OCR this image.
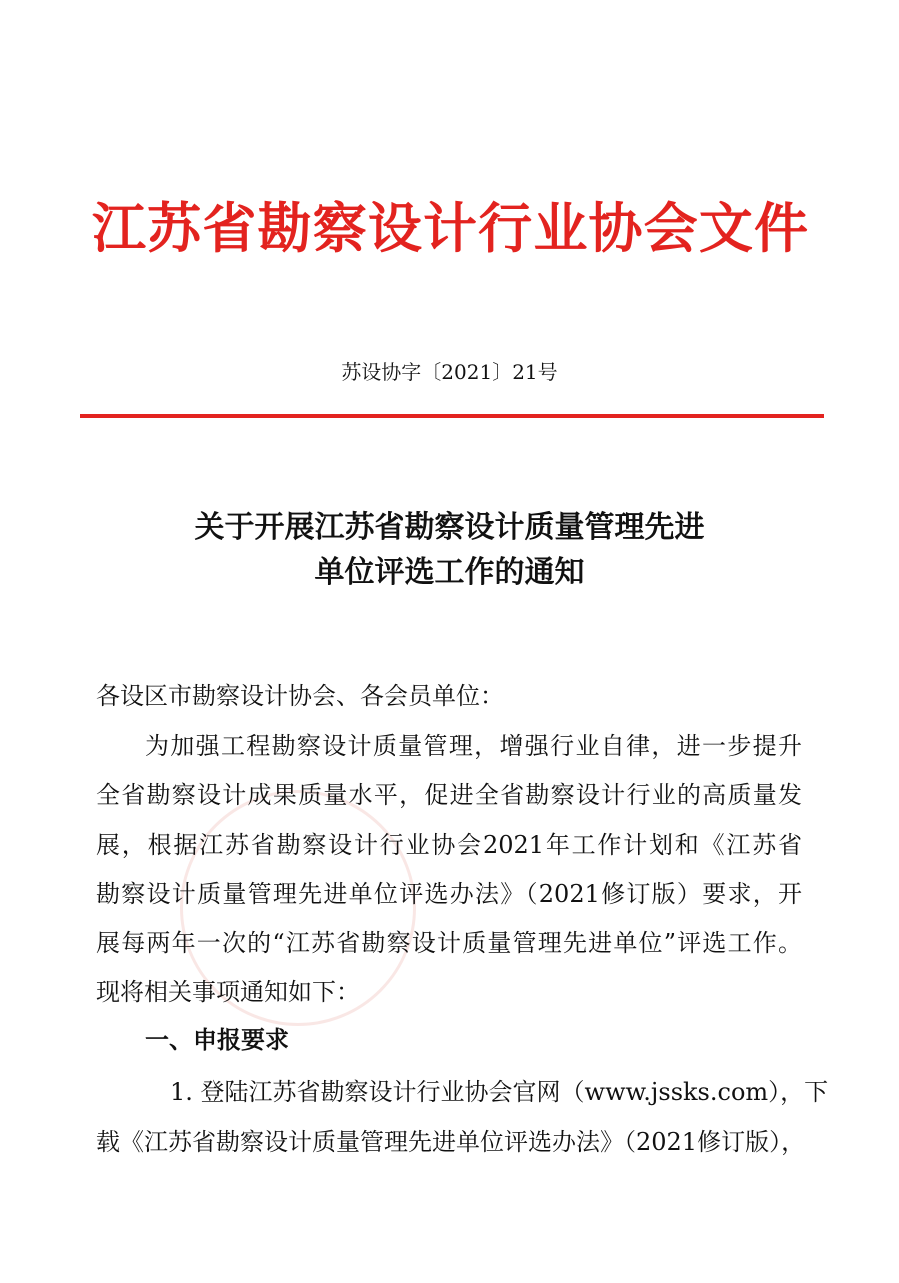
江苏省勘察设计行业协会文件
苏设协字〔2021〕21号
关于开展江苏省勘察设计质量管理先进
单位评选工作的通知
各设区市勘察设计协会、各会员单位：
为加强工程勘察设计质量管理，增强行业自律，进一步提升
全省勘察设计成果质量水平，促进全省勘察设计行业的高质量发
展，根据江苏省勘察设计行业协会2021年工作计划和《江苏省
勘察设计质量管理先进单位评选办法》（2021修订版）要求，开
展每两年一次的“江苏省勘察设计质量管理先进单位”评选工作。
现将相关事项通知如下：
一、申报要求
1. 登陆江苏省勘察设计行业协会官网（www.jssks.com），下
载《江苏省勘察设计质量管理先进单位评选办法》（2021修订版），
